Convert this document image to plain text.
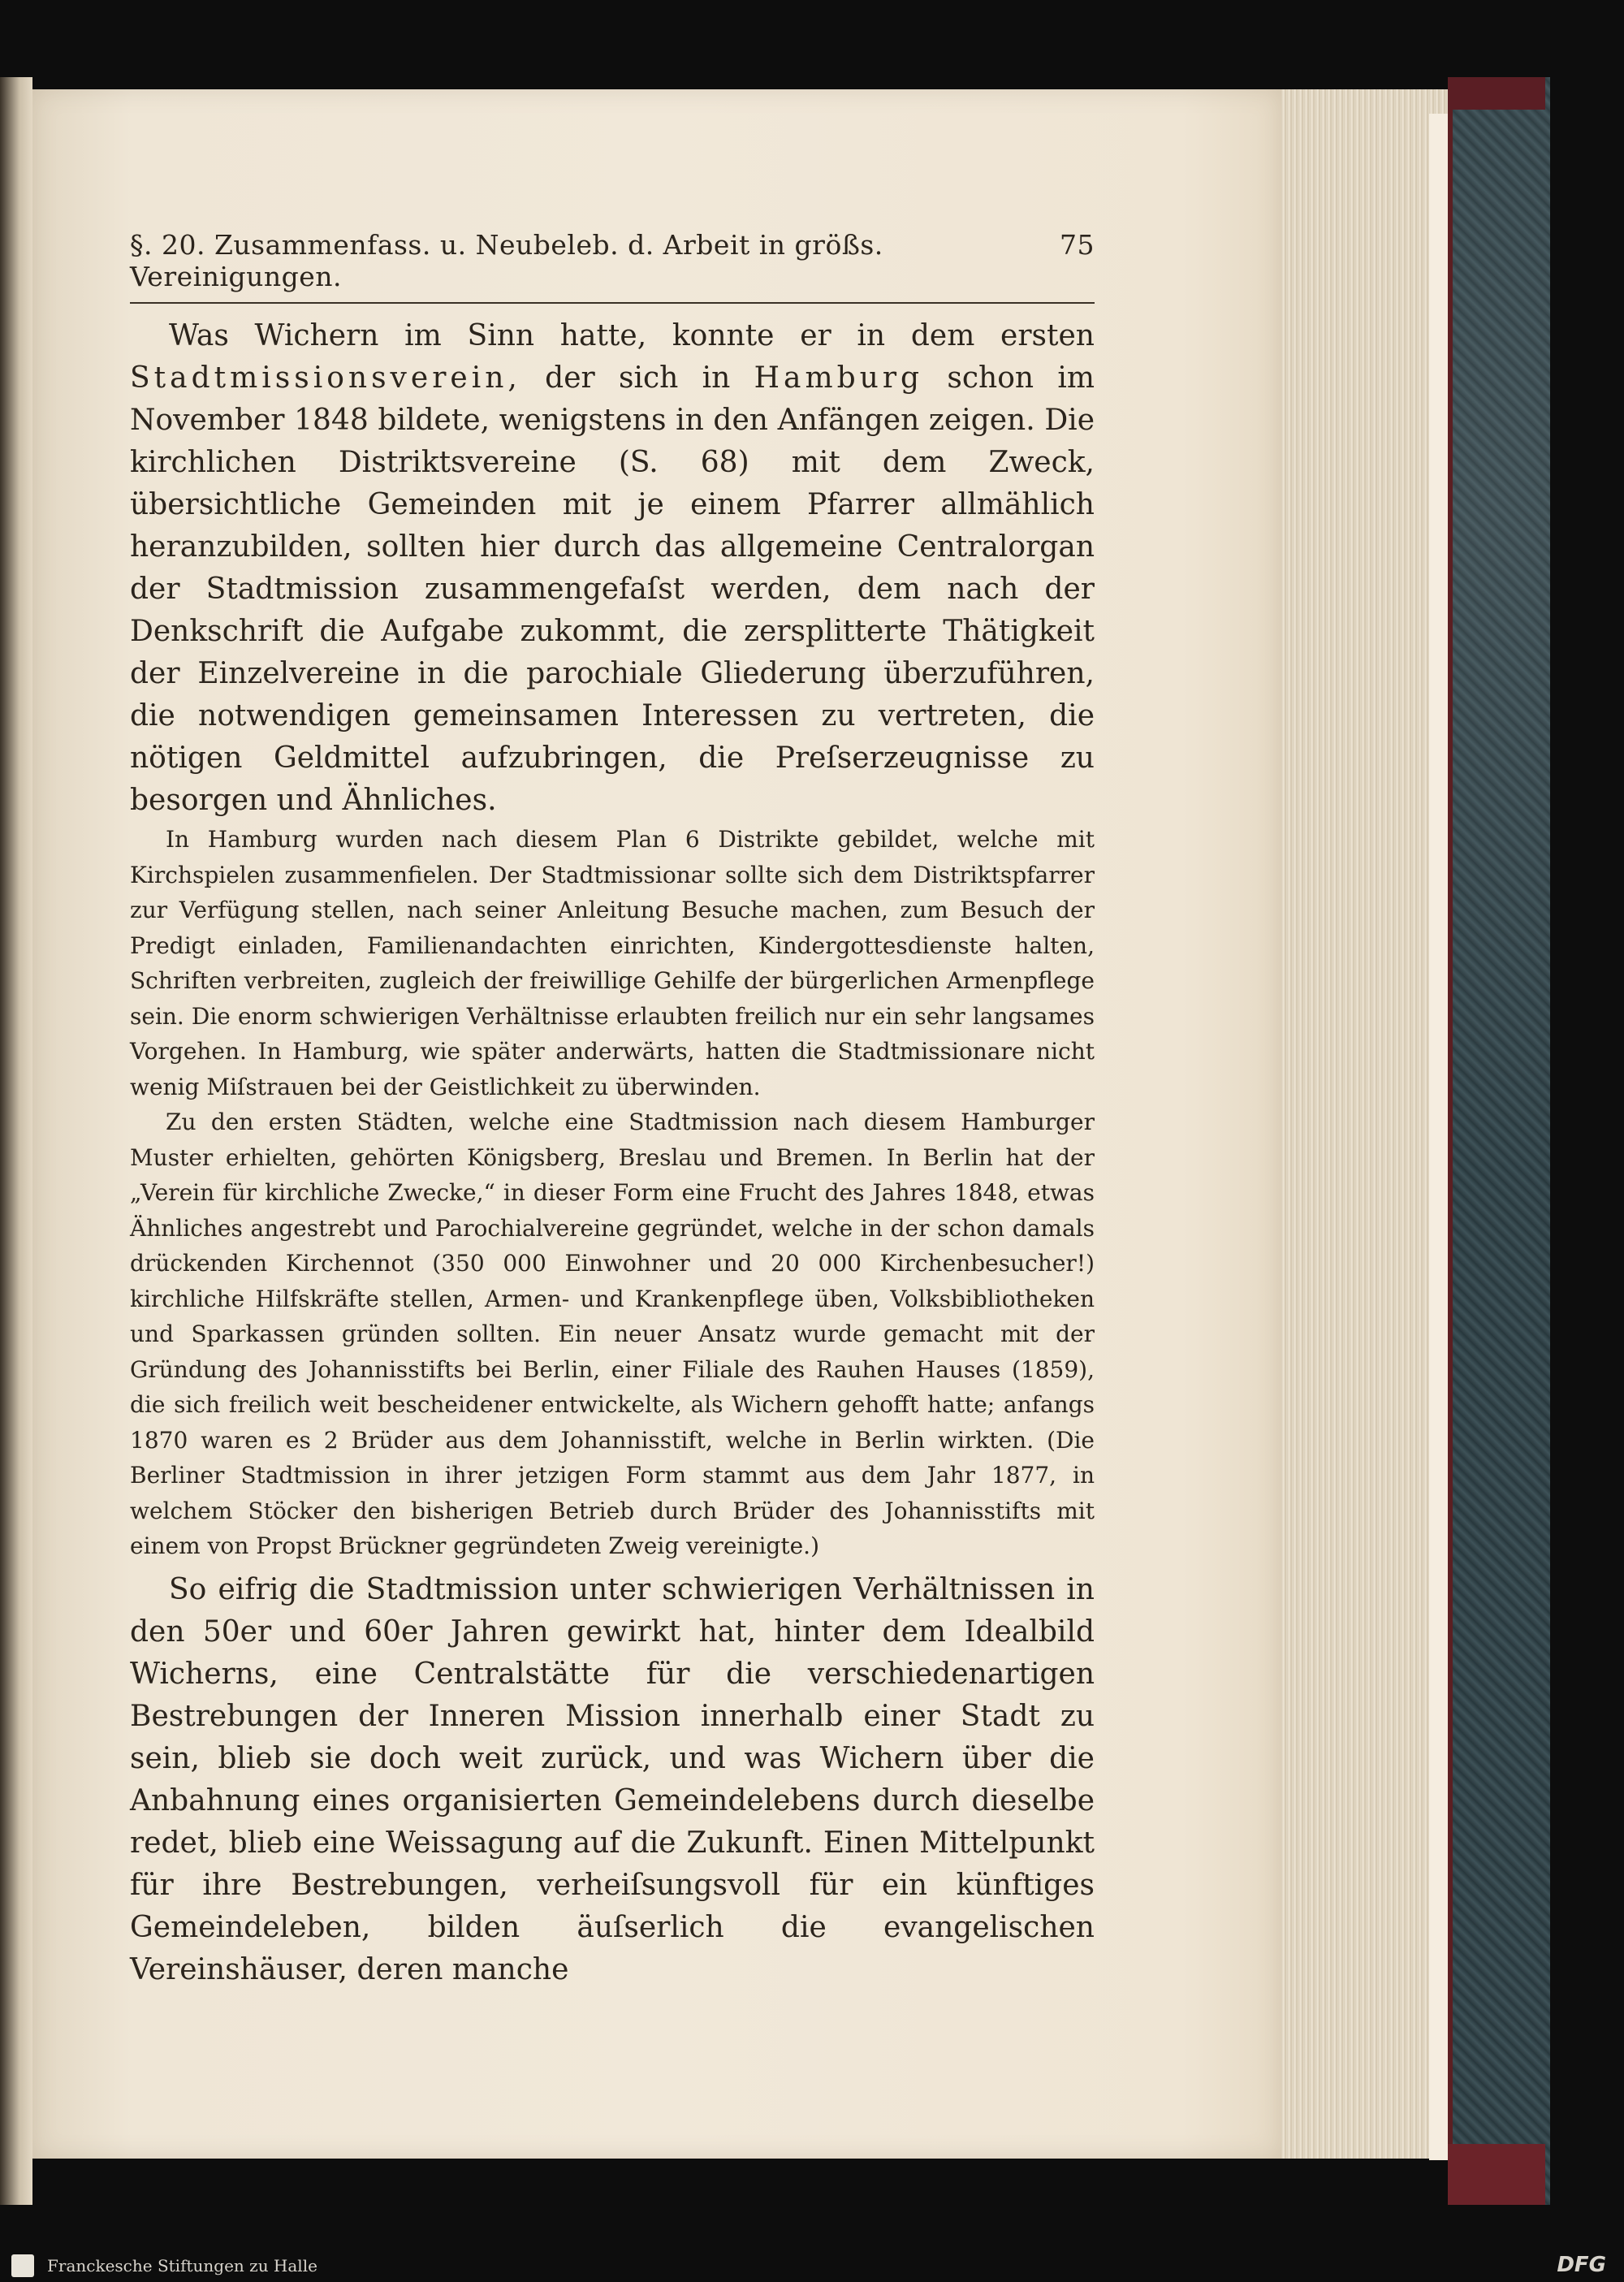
§. 20. Zusammenfass. u. Neubeleb. d. Arbeit in größs. Vereinigungen.
75

Was Wichern im Sinn hatte, konnte er in dem ersten Stadtmissionsverein, der sich in Hamburg schon im November 1848 bildete, wenigstens in den Anfängen zeigen. Die kirchlichen Distriktsvereine (S. 68) mit dem Zweck, übersichtliche Gemeinden mit je einem Pfarrer allmählich heranzubilden, sollten hier durch das allgemeine Centralorgan der Stadtmission zusammengefaſst werden, dem nach der Denkschrift die Aufgabe zukommt, die zersplitterte Thätigkeit der Einzelvereine in die parochiale Gliederung überzuführen, die notwendigen gemeinsamen Interessen zu vertreten, die nötigen Geldmittel aufzubringen, die Preſserzeugnisse zu besorgen und Ähnliches.

In Hamburg wurden nach diesem Plan 6 Distrikte gebildet, welche mit Kirchspielen zusammenfielen. Der Stadtmissionar sollte sich dem Distriktspfarrer zur Verfügung stellen, nach seiner Anleitung Besuche machen, zum Besuch der Predigt einladen, Familienandachten einrichten, Kindergottesdienste halten, Schriften verbreiten, zugleich der freiwillige Gehilfe der bürgerlichen Armenpflege sein. Die enorm schwierigen Verhältnisse erlaubten freilich nur ein sehr langsames Vorgehen. In Hamburg, wie später anderwärts, hatten die Stadtmissionare nicht wenig Miſstrauen bei der Geistlichkeit zu überwinden.

Zu den ersten Städten, welche eine Stadtmission nach diesem Hamburger Muster erhielten, gehörten Königsberg, Breslau und Bremen. In Berlin hat der „Verein für kirchliche Zwecke,“ in dieser Form eine Frucht des Jahres 1848, etwas Ähnliches angestrebt und Parochialvereine gegründet, welche in der schon damals drückenden Kirchennot (350 000 Einwohner und 20 000 Kirchenbesucher!) kirchliche Hilfskräfte stellen, Armen- und Krankenpflege üben, Volksbibliotheken und Sparkassen gründen sollten. Ein neuer Ansatz wurde gemacht mit der Gründung des Johannisstifts bei Berlin, einer Filiale des Rauhen Hauses (1859), die sich freilich weit bescheidener entwickelte, als Wichern gehofft hatte; anfangs 1870 waren es 2 Brüder aus dem Johannisstift, welche in Berlin wirkten. (Die Berliner Stadtmission in ihrer jetzigen Form stammt aus dem Jahr 1877, in welchem Stöcker den bisherigen Betrieb durch Brüder des Johannisstifts mit einem von Propst Brückner gegründeten Zweig vereinigte.)

So eifrig die Stadtmission unter schwierigen Verhältnissen in den 50er und 60er Jahren gewirkt hat, hinter dem Idealbild Wicherns, eine Centralstätte für die verschiedenartigen Bestrebungen der Inneren Mission innerhalb einer Stadt zu sein, blieb sie doch weit zurück, und was Wichern über die Anbahnung eines organisierten Gemeindelebens durch dieselbe redet, blieb eine Weissagung auf die Zukunft. Einen Mittelpunkt für ihre Bestrebungen, verheiſsungsvoll für ein künftiges Gemeindeleben, bilden äuſserlich die evangelischen Vereinshäuser, deren manche

Franckesche Stiftungen zu Halle	DFG
